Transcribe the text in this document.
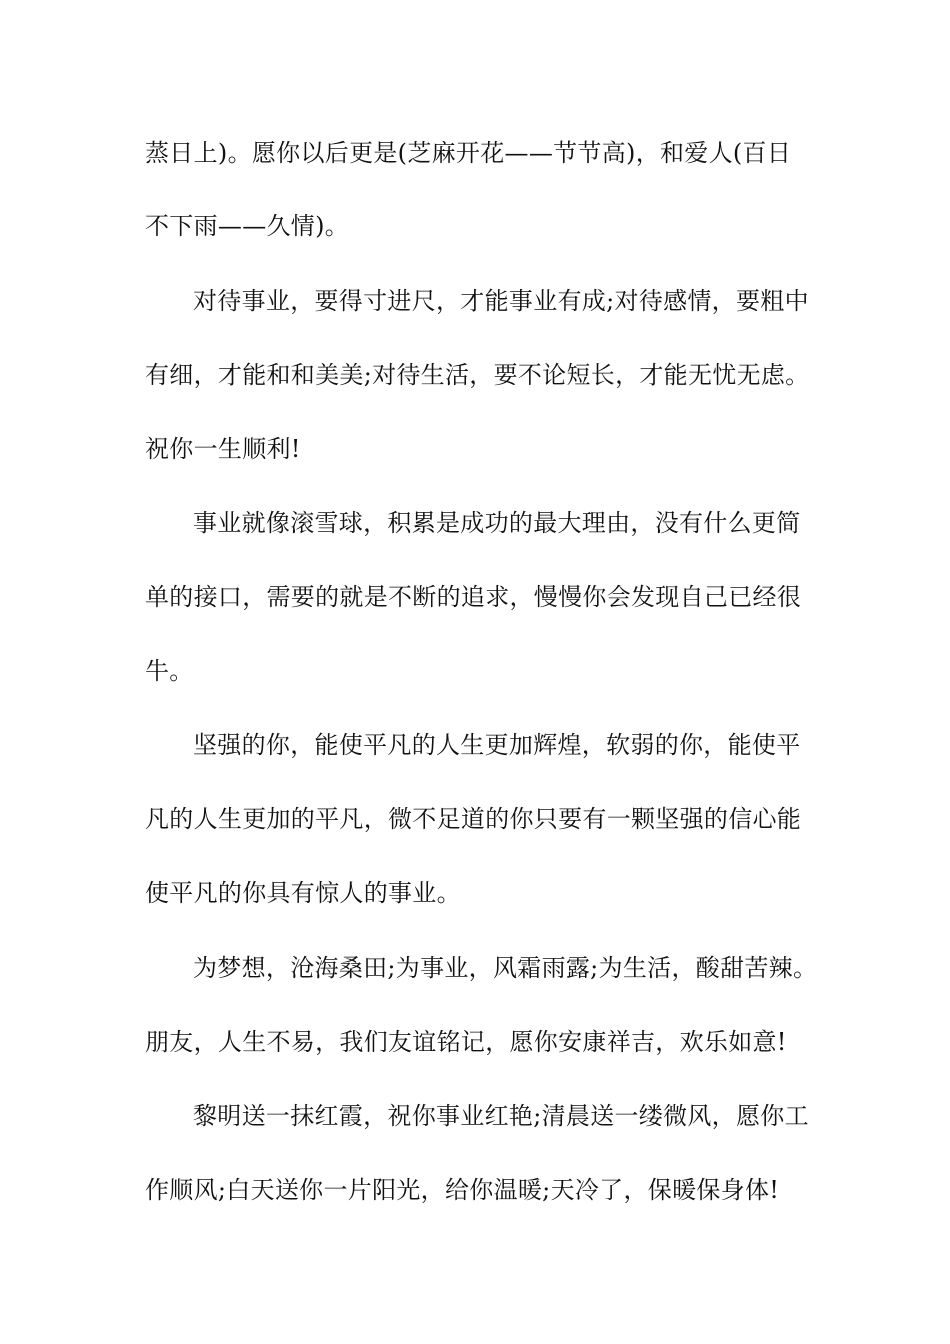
蒸日上)。愿你以后更是(芝麻开花——节节高)，和爱人(百日
不下雨——久情)。
对待事业，要得寸进尺，才能事业有成;对待感情，要粗中
有细，才能和和美美;对待生活，要不论短长，才能无忧无虑。
祝你一生顺利!
事业就像滚雪球，积累是成功的最大理由，没有什么更简
单的接口，需要的就是不断的追求，慢慢你会发现自己已经很
牛。
坚强的你，能使平凡的人生更加辉煌，软弱的你，能使平
凡的人生更加的平凡，微不足道的你只要有一颗坚强的信心能
使平凡的你具有惊人的事业。
为梦想，沧海桑田;为事业，风霜雨露;为生活，酸甜苦辣。
朋友，人生不易，我们友谊铭记，愿你安康祥吉，欢乐如意!
黎明送一抹红霞，祝你事业红艳;清晨送一缕微风，愿你工
作顺风;白天送你一片阳光，给你温暖;天冷了，保暖保身体!
